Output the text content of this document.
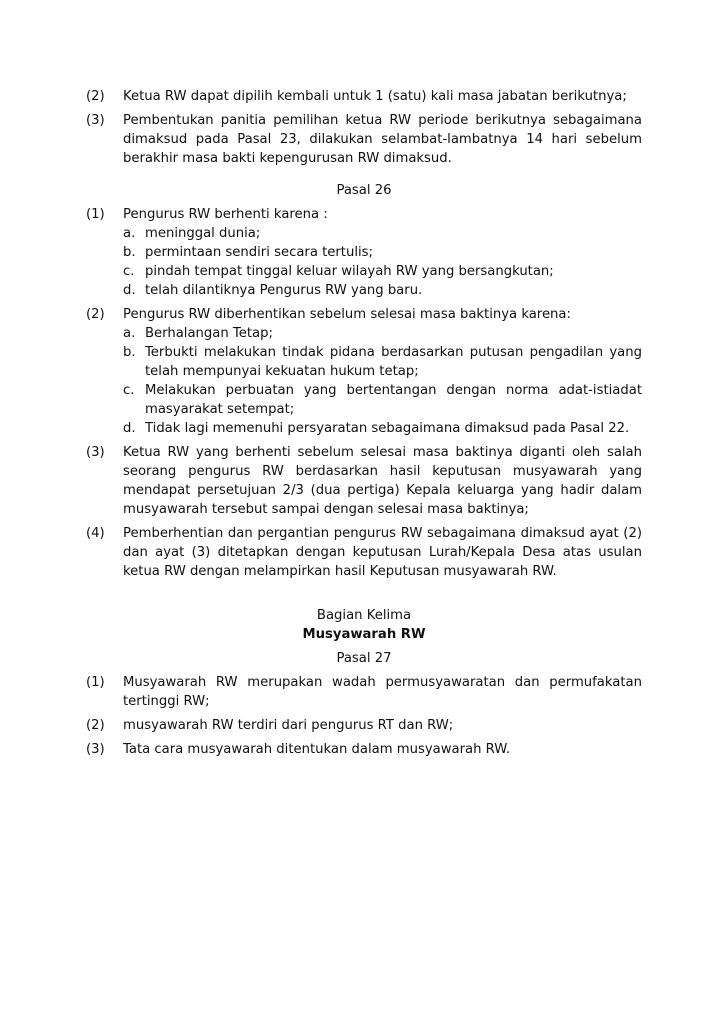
(2)	Ketua RW dapat dipilih kembali untuk 1 (satu) kali masa jabatan berikutnya;
(3)	Pembentukan panitia pemilihan ketua RW periode berikutnya sebagaimana dimaksud pada Pasal 23, dilakukan selambat-lambatnya 14 hari sebelum berakhir masa bakti kepengurusan RW dimaksud.
Pasal 26
(1)	Pengurus RW berhenti karena :
a. meninggal dunia;
b. permintaan sendiri secara tertulis;
c. pindah tempat tinggal keluar wilayah RW yang bersangkutan;
d. telah dilantiknya Pengurus RW yang baru.
(2)	Pengurus RW diberhentikan sebelum selesai masa baktinya karena:
a. Berhalangan Tetap;
b. Terbukti melakukan tindak pidana berdasarkan putusan pengadilan yang telah mempunyai kekuatan hukum tetap;
c. Melakukan perbuatan yang bertentangan dengan norma adat-istiadat masyarakat setempat;
d. Tidak lagi memenuhi persyaratan sebagaimana dimaksud pada Pasal 22.
(3)	Ketua RW yang berhenti sebelum selesai masa baktinya diganti oleh salah seorang pengurus RW berdasarkan hasil keputusan musyawarah yang mendapat persetujuan 2/3 (dua pertiga) Kepala keluarga yang hadir dalam musyawarah tersebut sampai dengan selesai masa baktinya;
(4)	Pemberhentian dan pergantian pengurus RW sebagaimana dimaksud ayat (2) dan ayat (3) ditetapkan dengan keputusan Lurah/Kepala Desa atas usulan ketua RW dengan melampirkan hasil Keputusan musyawarah RW.
Bagian Kelima
Musyawarah RW
Pasal 27
(1)	Musyawarah RW merupakan wadah permusyawaratan dan permufakatan tertinggi RW;
(2)	musyawarah RW terdiri dari pengurus RT dan RW;
(3)	Tata cara musyawarah ditentukan dalam musyawarah RW.
